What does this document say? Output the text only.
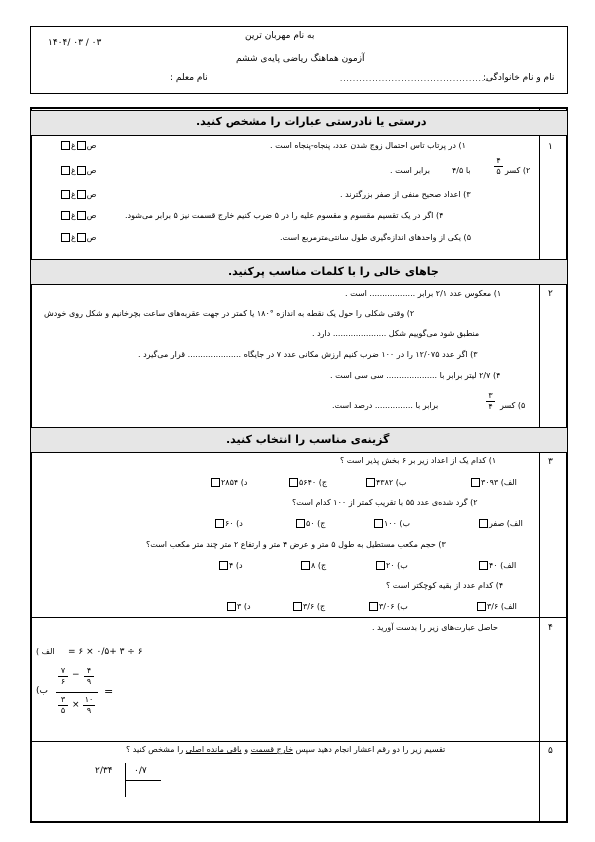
به نام مهربان ترین
۱۴۰۴/ ۰۳ / ۰۳
آزمون هماهنگ ریاضی پایه‌ی ششم
نام و نام خانوادگی:
..............................................
نام معلم :
درستی یا نادرستی عبارات را مشخص کنید.
۱
۱) در پرتاب تاس احتمال زوج شدن عدد، پنجاه-پنجاه است .
۲) کسر
۴
۵
با ۴/۵
برابر است .
۳) اعداد صحیح منفی از صفر بزرگترند .
۴) اگر در یک تقسیم مقسوم و مقسوم علیه را در ۵ ضرب کنیم خارج قسمت نیز ۵ برابر می‌شود.
۵) یکی از واحدهای اندازه‌گیری طول سانتی‌مترمربع است.
صغ
صغ
صغ
صغ
صغ
جاهای خالی را با کلمات مناسب پرکنید.
۲
۱) معکوس عدد ۲/۱ برابر .................. است .
۲) وقتی شکلی را حول یک نقطه به اندازه °۱۸۰ یا کمتر در جهت عقربه‌های ساعت بچرخانیم و شکل روی خودش
منطبق شود می‌گوییم شکل ..................... دارد .
۳) اگر عدد ۱۲/۰۷۵ را در ۱۰۰ ضرب کنیم ارزش مکانی عدد ۷ در جایگاه ..................... قرار می‌گیرد .
۴) ۲/۷ لیتر برابر با .................... سی سی است .
۵) کسر
۳
۴
برابر با ............... درصد است.
گزینه‌ی مناسب را انتخاب کنید.
۳
۱) کدام یک از اعداد زیر بر ۶ بخش پذیر است ؟
الف) ۳۰۹۳
ب) ۴۳۸۲
ج) ۵۶۴۰
د) ۲۸۵۴
۲) گرد شده‌ی عدد ۵۵ با تقریب کمتر از ۱۰۰ کدام است؟
الف) صفر
ب) ۱۰۰
ج) ۵۰
د) ۶۰
۳) حجم مکعب مستطیل به طول ۵ متر و عرض ۴ متر و ارتفاع ۲ متر چند متر مکعب است؟
الف) ۴۰
ب) ۲۰
ج) ۸
د) ۴
۴) کدام عدد از بقیه کوچکتر است ؟
الف) ۳/۶
ب) ۳/۰۶
ج) ۳/۶
د) ۳
۴
حاصل عبارت‌های زیر را بدست آورید .
= ۶ × ۰/۵+ ۳ ÷ ۶
الف )
ب)
۷
۶
− ۴
۹
۳
۵
×
۱۰
۹
=
۵
تقسیم زیر را دو رقم اعشار انجام دهید سپس خارج قسمت و باقی مانده اصلی را مشخص کنید ؟
۲/۳۴ ۰/۷
